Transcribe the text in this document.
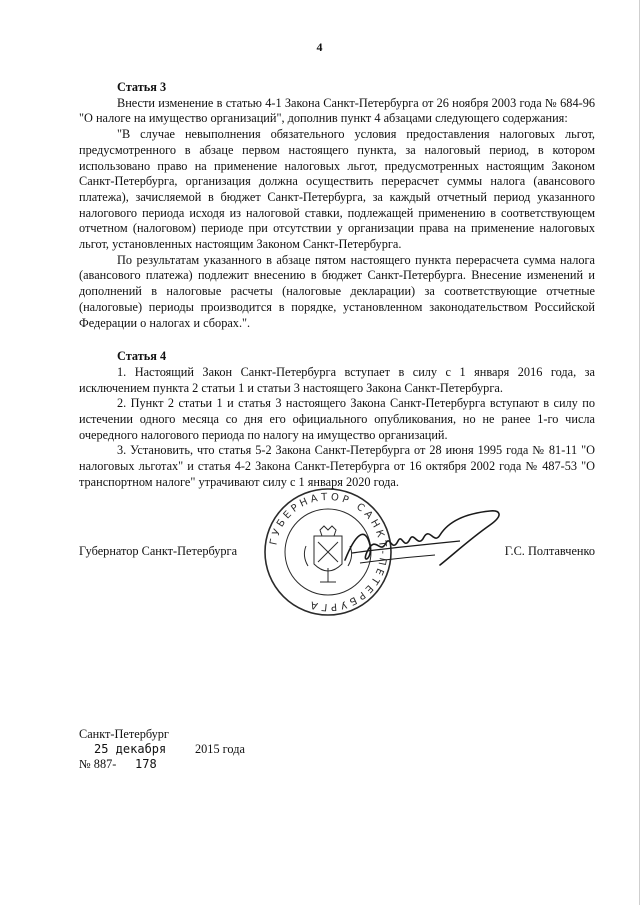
4

Статья 3

Внести изменение в статью 4-1 Закона Санкт-Петербурга от 26 ноября 2003 года № 684-96 "О налоге на имущество организаций", дополнив пункт 4 абзацами следующего содержания:

"В случае невыполнения обязательного условия предоставления налоговых льгот, предусмотренного в абзаце первом настоящего пункта, за налоговый период, в котором использовано право на применение налоговых льгот, предусмотренных настоящим Законом Санкт-Петербурга, организация должна осуществить перерасчет суммы налога (авансового платежа), зачисляемой в бюджет Санкт-Петербурга, за каждый отчетный период указанного налогового периода исходя из налоговой ставки, подлежащей применению в соответствующем отчетном (налоговом) периоде при отсутствии у организации права на применение налоговых льгот, установленных настоящим Законом Санкт-Петербурга.

По результатам указанного в абзаце пятом настоящего пункта перерасчета сумма налога (авансового платежа) подлежит внесению в бюджет Санкт-Петербурга. Внесение изменений и дополнений в налоговые расчеты (налоговые декларации) за соответствующие отчетные (налоговые) периоды производится в порядке, установленном законодательством Российской Федерации о налогах и сборах.".

Статья 4

1. Настоящий Закон Санкт-Петербурга вступает в силу с 1 января 2016 года, за исключением пункта 2 статьи 1 и статьи 3 настоящего Закона Санкт-Петербурга.

2. Пункт 2 статьи 1 и статья 3 настоящего Закона Санкт-Петербурга вступают в силу по истечении одного месяца со дня его официального опубликования, но не ранее 1-го числа очередного налогового периода по налогу на имущество организаций.

3. Установить, что статья 5-2 Закона Санкт-Петербурга от 28 июня 1995 года № 81-11 "О налоговых льготах" и статья 4-2 Закона Санкт-Петербурга от 16 октября 2002 года № 487-53 "О транспортном налоге" утрачивают силу с 1 января 2020 года.

ГУБЕРНАТОР САНКТ-ПЕТЕРБУРГА
Губернатор Санкт-Петербурга	Г.С. Полтавченко
Санкт-Петербург
25 декабря 2015 года
№ 887- 178
